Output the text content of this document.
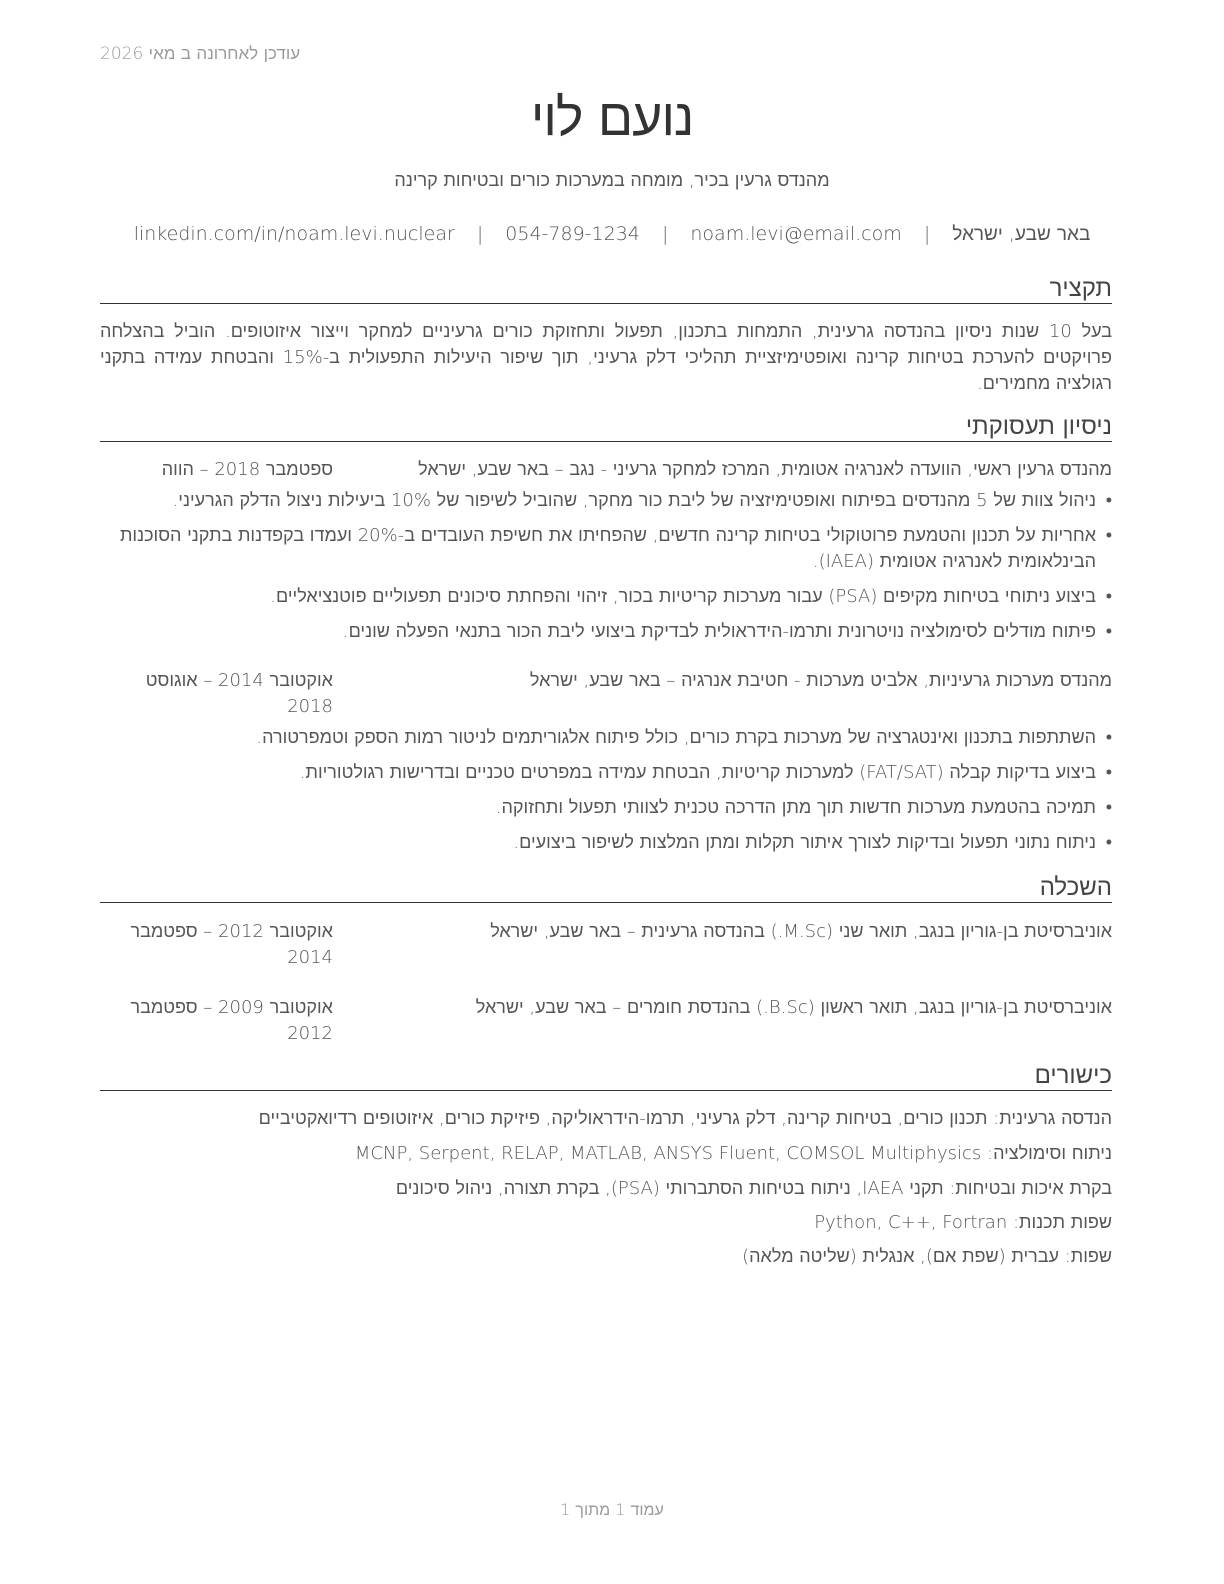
עודכן לאחרונה ב מאי 2026
נועם לוי
מהנדס גרעין בכיר, מומחה במערכות כורים ובטיחות קרינה
באר שבע, ישראל | noam.levi@email.com | 054-789-1234 | linkedin.com/in/noam.levi.nuclear
תקציר
בעל 10 שנות ניסיון בהנדסה גרעינית, התמחות בתכנון, תפעול ותחזוקת כורים גרעיניים למחקר וייצור איזוטופים. הוביל בהצלחה פרויקטים להערכת בטיחות קרינה ואופטימיזציית תהליכי דלק גרעיני, תוך שיפור היעילות התפעולית ב-15% והבטחת עמידה בתקני רגולציה מחמירים.
ניסיון תעסוקתי
מהנדס גרעין ראשי, הוועדה לאנרגיה אטומית, המרכז למחקר גרעיני - נגב – באר שבע, ישראל
ספטמבר 2018 – הווה
• ניהול צוות של 5 מהנדסים בפיתוח ואופטימיזציה של ליבת כור מחקר, שהוביל לשיפור של 10% ביעילות ניצול הדלק הגרעיני.
• אחריות על תכנון והטמעת פרוטוקולי בטיחות קרינה חדשים, שהפחיתו את חשיפת העובדים ב-20% ועמדו בקפדנות בתקני הסוכנות הבינלאומית לאנרגיה אטומית (IAEA).
• ביצוע ניתוחי בטיחות מקיפים (PSA) עבור מערכות קריטיות בכור, זיהוי והפחתת סיכונים תפעוליים פוטנציאליים.
• פיתוח מודלים לסימולציה נויטרונית ותרמו-הידראולית לבדיקת ביצועי ליבת הכור בתנאי הפעלה שונים.
מהנדס מערכות גרעיניות, אלביט מערכות - חטיבת אנרגיה – באר שבע, ישראל
אוקטובר 2014 – אוגוסט 2018
• השתתפות בתכנון ואינטגרציה של מערכות בקרת כורים, כולל פיתוח אלגוריתמים לניטור רמות הספק וטמפרטורה.
• ביצוע בדיקות קבלה (FAT/SAT) למערכות קריטיות, הבטחת עמידה במפרטים טכניים ובדרישות רגולטוריות.
• תמיכה בהטמעת מערכות חדשות תוך מתן הדרכה טכנית לצוותי תפעול ותחזוקה.
• ניתוח נתוני תפעול ובדיקות לצורך איתור תקלות ומתן המלצות לשיפור ביצועים.
השכלה
אוניברסיטת בן-גוריון בנגב, תואר שני (M.Sc.) בהנדסה גרעינית – באר שבע, ישראל
אוקטובר 2012 – ספטמבר 2014
אוניברסיטת בן-גוריון בנגב, תואר ראשון (B.Sc.) בהנדסת חומרים – באר שבע, ישראל
אוקטובר 2009 – ספטמבר 2012
כישורים
הנדסה גרעינית: תכנון כורים, בטיחות קרינה, דלק גרעיני, תרמו-הידראוליקה, פיזיקת כורים, איזוטופים רדיואקטיביים
ניתוח וסימולציה: MCNP, Serpent, RELAP, MATLAB, ANSYS Fluent, COMSOL Multiphysics
בקרת איכות ובטיחות: תקני IAEA, ניתוח בטיחות הסתברותי (PSA), בקרת תצורה, ניהול סיכונים
שפות תכנות: Python, C++, Fortran
שפות: עברית (שפת אם), אנגלית (שליטה מלאה)
עמוד 1 מתוך 1
